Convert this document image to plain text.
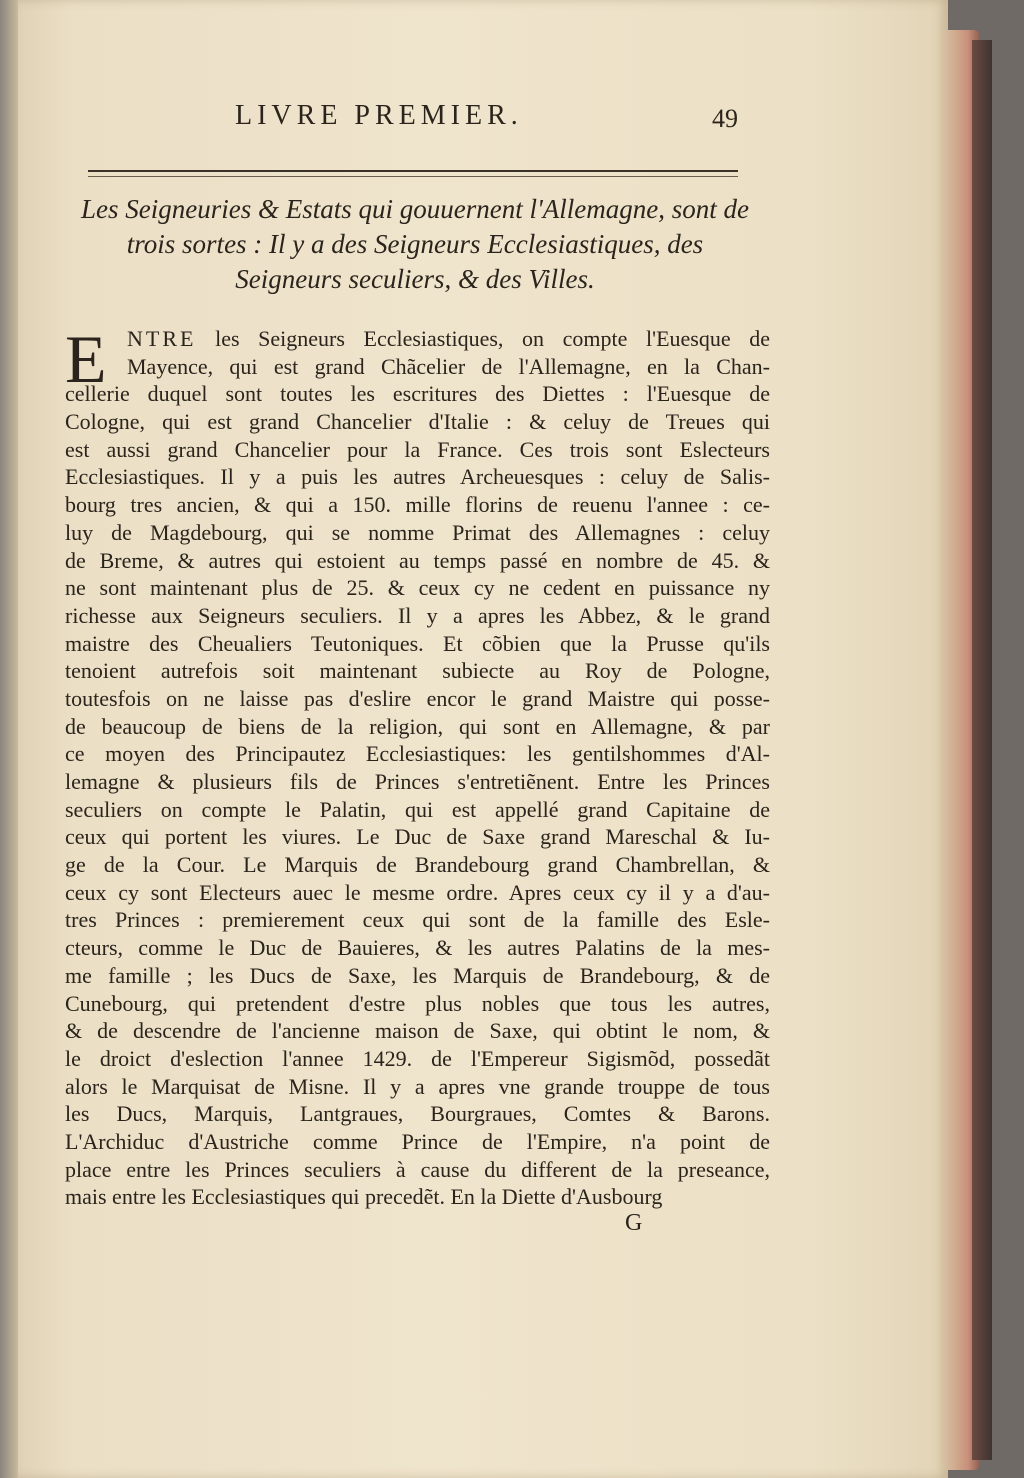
LIVRE PREMIER.	49
Les Seigneuries & Estats qui gouuernent l'Allemagne, sont de
trois sortes : Il y a des Seigneurs Ecclesiastiques, des
Seigneurs seculiers, & des Villes.
E NTRE les Seigneurs Ecclesiastiques, on compte l'Euesque de
Mayence, qui est grand Chãcelier de l'Allemagne, en la Chan-
cellerie duquel sont toutes les escritures des Diettes : l'Euesque de
Cologne, qui est grand Chancelier d'Italie : & celuy de Treues qui
est aussi grand Chancelier pour la France. Ces trois sont Eslecteurs
Ecclesiastiques. Il y a puis les autres Archeuesques : celuy de Salis-
bourg tres ancien, & qui a 150. mille florins de reuenu l'annee : ce-
luy de Magdebourg, qui se nomme Primat des Allemagnes : celuy
de Breme, & autres qui estoient au temps passé en nombre de 45. &
ne sont maintenant plus de 25. & ceux cy ne cedent en puissance ny
richesse aux Seigneurs seculiers. Il y a apres les Abbez, & le grand
maistre des Cheualiers Teutoniques. Et cõbien que la Prusse qu'ils
tenoient autrefois soit maintenant subiecte au Roy de Pologne,
toutesfois on ne laisse pas d'eslire encor le grand Maistre qui posse-
de beaucoup de biens de la religion, qui sont en Allemagne, & par
ce moyen des Principautez Ecclesiastiques: les gentilshommes d'Al-
lemagne & plusieurs fils de Princes s'entretiẽnent. Entre les Princes
seculiers on compte le Palatin, qui est appellé grand Capitaine de
ceux qui portent les viures. Le Duc de Saxe grand Mareschal & Iu-
ge de la Cour. Le Marquis de Brandebourg grand Chambrellan, &
ceux cy sont Electeurs auec le mesme ordre. Apres ceux cy il y a d'au-
tres Princes : premierement ceux qui sont de la famille des Esle-
cteurs, comme le Duc de Bauieres, & les autres Palatins de la mes-
me famille ; les Ducs de Saxe, les Marquis de Brandebourg, & de
Cunebourg, qui pretendent d'estre plus nobles que tous les autres,
& de descendre de l'ancienne maison de Saxe, qui obtint le nom, &
le droict d'eslection l'annee 1429. de l'Empereur Sigismõd, possedãt
alors le Marquisat de Misne. Il y a apres vne grande trouppe de tous
les Ducs, Marquis, Lantgraues, Bourgraues, Comtes & Barons.
L'Archiduc d'Austriche comme Prince de l'Empire, n'a point de
place entre les Princes seculiers à cause du different de la preseance,
mais entre les Ecclesiastiques qui precedẽt. En la Diette d'Ausbourg
G
